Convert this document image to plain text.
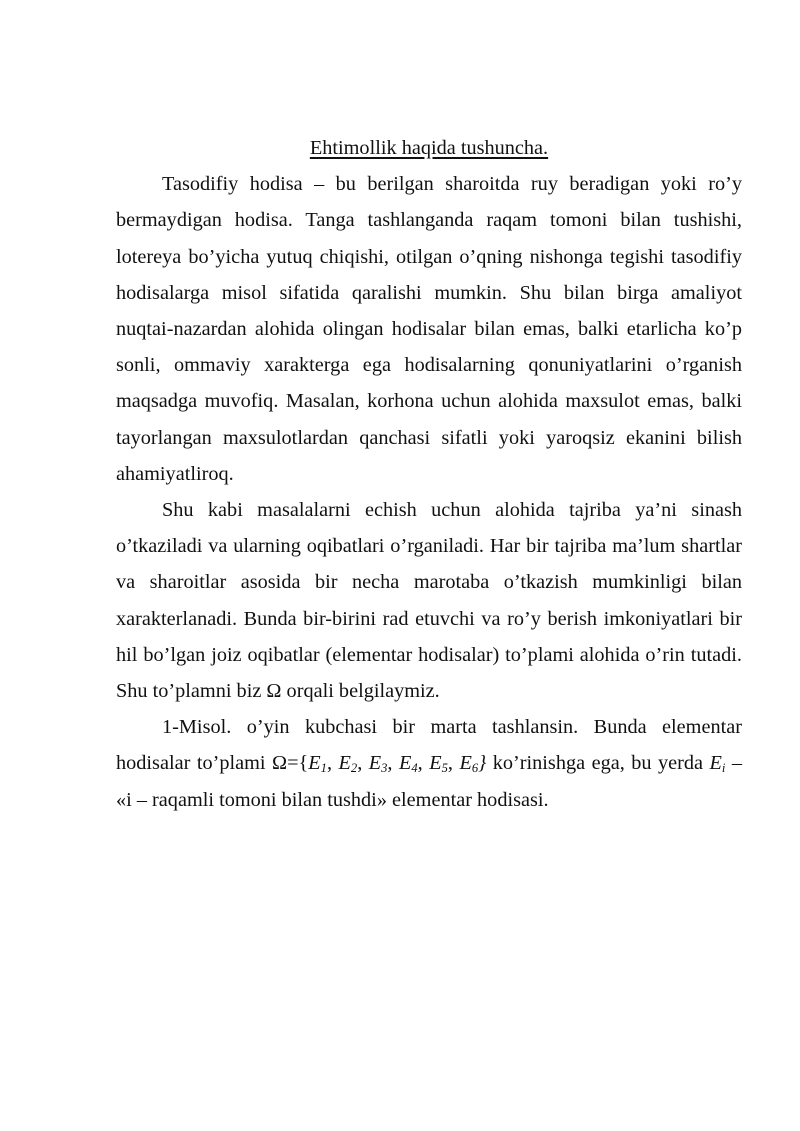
Ehtimollik haqida tushuncha.

Tasodifiy hodisa – bu berilgan sharoitda ruy beradigan yoki ro’y bermaydigan hodisa. Tanga tashlanganda raqam tomoni bilan tushishi, lotereya bo’yicha yutuq chiqishi, otilgan o’qning nishonga tegishi tasodifiy hodisalarga misol sifatida qaralishi mumkin. Shu bilan birga amaliyot nuqtai-nazardan alohida olingan hodisalar bilan emas, balki etarlicha ko’p sonli, ommaviy xarakterga ega hodisalarning qonuniyatlarini o’rganish maqsadga muvofiq. Masalan, korhona uchun alohida maxsulot emas, balki tayorlangan maxsulotlardan qanchasi sifatli yoki yaroqsiz ekanini bilish ahamiyatliroq.

Shu kabi masalalarni echish uchun alohida tajriba ya’ni sinash o’tkaziladi va ularning oqibatlari o’rganiladi. Har bir tajriba ma’lum shartlar va sharoitlar asosida bir necha marotaba o’tkazish mumkinligi bilan xarakterlanadi. Bunda bir-birini rad etuvchi va ro’y berish imkoniyatlari bir hil bo’lgan joiz oqibatlar (elementar hodisalar) to’plami alohida o’rin tutadi. Shu to’plamni biz Ω orqali belgilaymiz.

1-Misol. o’yin kubchasi bir marta tashlansin. Bunda elementar hodisalar to’plami $\Omega=\{E_1$, $E_2$, $E_3$, $E_4$, $E_5$, $E_6$} ko’rinishga ega, bu yerda $E_i$ – «i – raqamli tomoni bilan tushdi» elementar hodisasi.
